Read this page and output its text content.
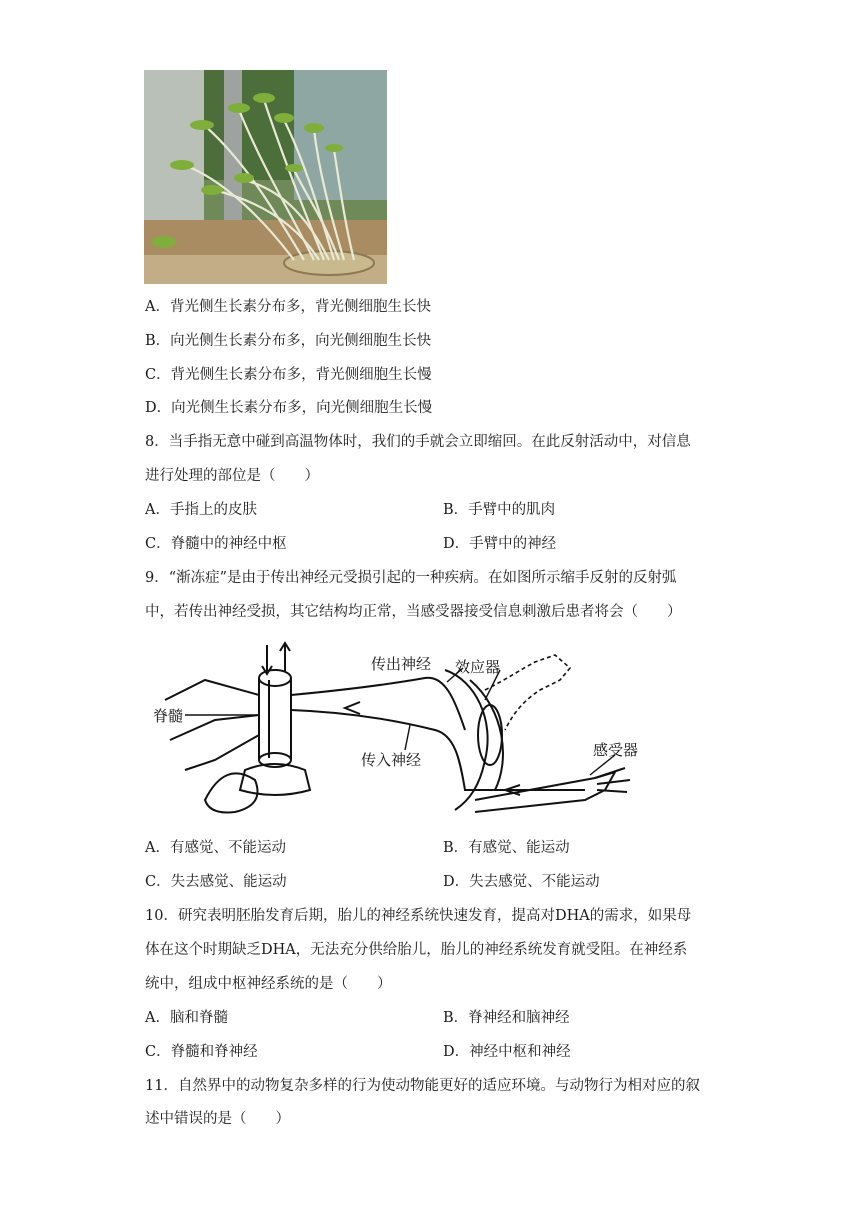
A．背光侧生长素分布多，背光侧细胞生长快
B．向光侧生长素分布多，向光侧细胞生长快
C．背光侧生长素分布多，背光侧细胞生长慢
D．向光侧生长素分布多，向光侧细胞生长慢
8．当手指无意中碰到高温物体时，我们的手就会立即缩回。在此反射活动中，对信息
进行处理的部位是（　　）
A．手指上的皮肤	B．手臂中的肌肉
C．脊髓中的神经中枢	D．手臂中的神经
9．“渐冻症”是由于传出神经元受损引起的一种疾病。在如图所示缩手反射的反射弧
中，若传出神经受损，其它结构均正常，当感受器接受信息刺激后患者将会（　　）
脊髓
传出神经 效应器
传入神经
感受器
A．有感觉、不能运动	B．有感觉、能运动
C．失去感觉、能运动	D．失去感觉、不能运动
10．研究表明胚胎发育后期，胎儿的神经系统快速发育，提高对DHA的需求，如果母
体在这个时期缺乏DHA，无法充分供给胎儿，胎儿的神经系统发育就受阻。在神经系
统中，组成中枢神经系统的是（　　）
A．脑和脊髓	B．脊神经和脑神经
C．脊髓和脊神经	D．神经中枢和神经
11．自然界中的动物复杂多样的行为使动物能更好的适应环境。与动物行为相对应的叙
述中错误的是（　　）
